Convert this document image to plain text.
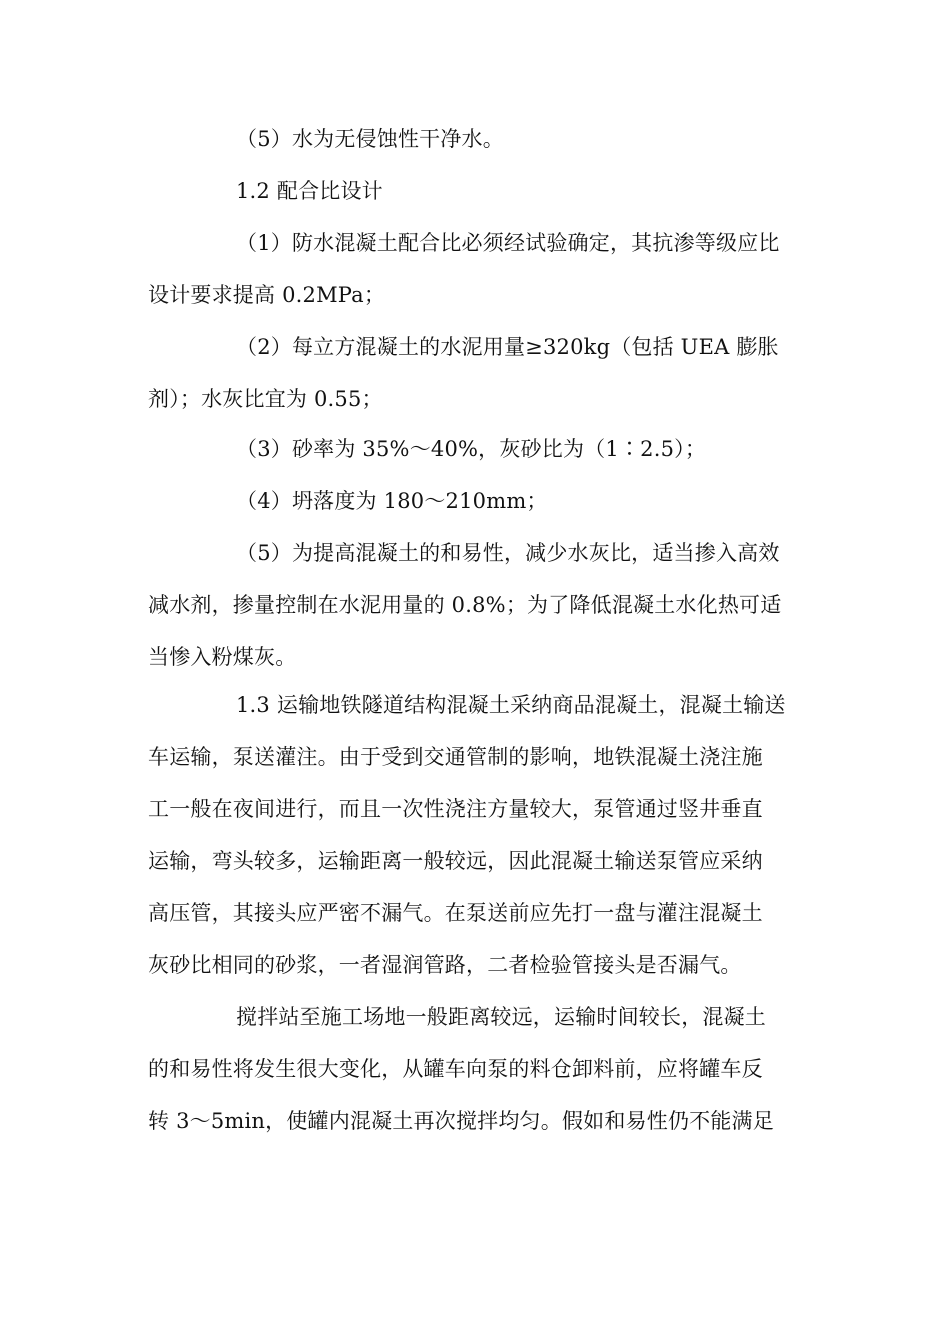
（5）水为无侵蚀性干净水。
1.2 配合比设计
（1）防水混凝土配合比必须经试验确定，其抗渗等级应比
设计要求提高 0.2MPa；
（2）每立方混凝土的水泥用量≥320kg（包括 UEA 膨胀
剂）；水灰比宜为 0.55；
（3）砂率为 35%～40%，灰砂比为（1∶2.5）；
（4）坍落度为 180～210mm；
（5）为提高混凝土的和易性，减少水灰比，适当掺入高效
减水剂，掺量控制在水泥用量的 0.8%；为了降低混凝土水化热可适
当惨入粉煤灰。
1.3 运输地铁隧道结构混凝土采纳商品混凝土，混凝土输送
车运输，泵送灌注。由于受到交通管制的影响，地铁混凝土浇注施
工一般在夜间进行，而且一次性浇注方量较大，泵管通过竖井垂直
运输，弯头较多，运输距离一般较远，因此混凝土输送泵管应采纳
高压管，其接头应严密不漏气。在泵送前应先打一盘与灌注混凝土
灰砂比相同的砂浆，一者湿润管路，二者检验管接头是否漏气。
搅拌站至施工场地一般距离较远，运输时间较长，混凝土
的和易性将发生很大变化，从罐车向泵的料仓卸料前，应将罐车反
转 3～5min，使罐内混凝土再次搅拌均匀。假如和易性仍不能满足
